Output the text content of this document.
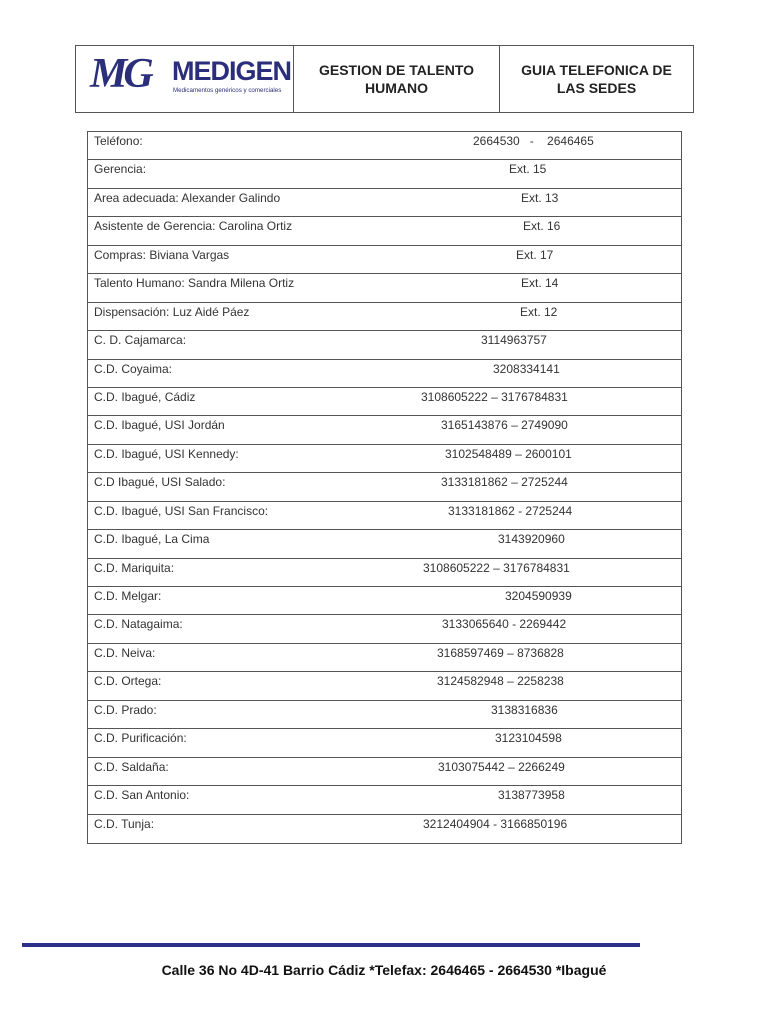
MG MEDIGEN
Medicamentos genéricos y comerciales
GESTION DE TALENTO HUMANO
GUIA TELEFONICA DE LAS SEDES
Teléfono:	2664530   -    2646465
Gerencia:	Ext. 15
Area adecuada: Alexander Galindo	Ext. 13
Asistente de Gerencia: Carolina Ortiz	Ext. 16
Compras: Biviana Vargas	Ext. 17
Talento Humano: Sandra Milena Ortiz	Ext. 14
Dispensación: Luz Aidé Páez	Ext. 12
C. D. Cajamarca:	3114963757
C.D. Coyaima:	3208334141
C.D. Ibagué, Cádiz	3108605222 – 3176784831
C.D. Ibagué, USI Jordán	3165143876 – 2749090
C.D. Ibagué, USI Kennedy:	3102548489 – 2600101
C.D Ibagué, USI Salado:	3133181862 – 2725244
C.D. Ibagué, USI San Francisco:	3133181862 - 2725244
C.D. Ibagué, La Cima	3143920960
C.D. Mariquita:	3108605222 – 3176784831
C.D. Melgar:	3204590939
C.D. Natagaima:	3133065640 - 2269442
C.D. Neiva:	3168597469 – 8736828
C.D. Ortega:	3124582948 – 2258238
C.D. Prado:	3138316836
C.D. Purificación:	3123104598
C.D. Saldaña:	3103075442 – 2266249
C.D. San Antonio:	3138773958
C.D. Tunja:	3212404904 - 3166850196
Calle 36 No 4D-41 Barrio Cádiz *Telefax: 2646465 - 2664530 *Ibagué
